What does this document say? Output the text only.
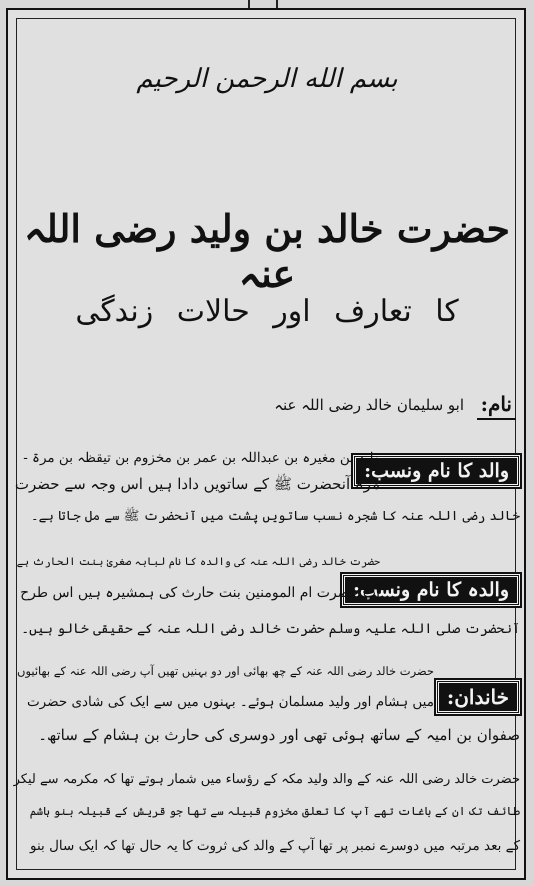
بسم الله الرحمن الرحیم
حضرت خالد بن ولید رضی اللہ عنہ
کا تعارف اور حالات زندگی
نام:
ابو سلیمان خالد رضی اللہ عنہ
والد کا نام ونسب:
ولید بن مغیرہ بن عبداللہ بن عمر بن مخزوم بن تیقظہ بن مرۃ -
مرۃ آنحضرت ﷺ کے ساتویں دادا ہیں اس وجہ سے حضرت
خالد رضی اللہ عنہ کا شجرہ نسب ساتویں پشت میں آنحضرت ﷺ سے مل جاتا ہے۔
والدہ کا نام ونسب:
حضرت خالد رضی اللہ عنہ کی والدہ کا نام لبابہ صغریٰ بنت الحارث ہے
آپ حضرت ام المومنین بنت حارث کی ہمشیرہ ہیں اس طرح
آنحضرت صلی اللہ علیہ وسلم حضرت خالد رضی اللہ عنہ کے حقیقی خالو ہیں۔
خاندان:
حضرت خالد رضی اللہ عنہ کے چھ بھائی اور دو بہنیں تھیں آپ رضی اللہ عنہ کے بھائیوں
میں ہشام اور ولید مسلمان ہوئے۔ بہنوں میں سے ایک کی شادی حضرت
صفوان بن امیہ کے ساتھ ہوئی تھی اور دوسری کی حارث بن ہشام کے ساتھ۔
حضرت خالد رضی اللہ عنہ کے والد ولید مکہ کے رؤساء میں شمار ہوتے تھا کہ مکرمہ سے لیکر
طائف تک ان کے باغات تھے آپ کا تعلق مخزوم قبیلہ سے تھا جو قریش کے قبیلہ بنو ہاشم
کے بعد مرتبہ میں دوسرے نمبر پر تھا آپ کے والد کی ثروت کا یہ حال تھا کہ ایک سال بنو
